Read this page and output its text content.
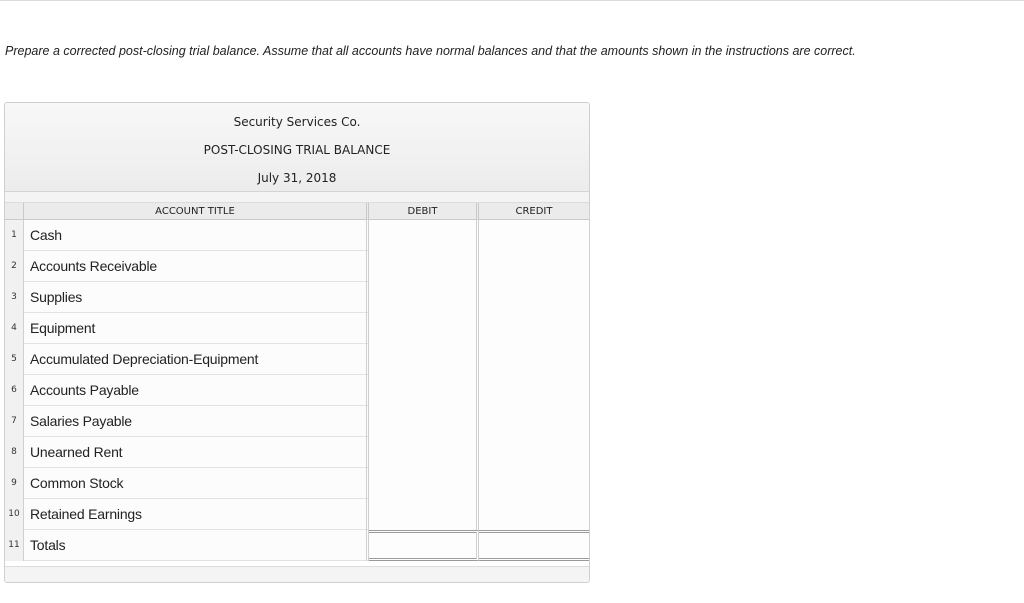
Prepare a corrected post-closing trial balance. Assume that all accounts have normal balances and that the amounts shown in the instructions are correct.
Security Services Co.
POST-CLOSING TRIAL BALANCE
July 31, 2018
ACCOUNT TITLE	DEBIT	CREDIT
1 Cash
2 Accounts Receivable
3 Supplies
4 Equipment
5 Accumulated Depreciation-Equipment
6 Accounts Payable
7 Salaries Payable
8 Unearned Rent
9 Common Stock
10 Retained Earnings
11 Totals
